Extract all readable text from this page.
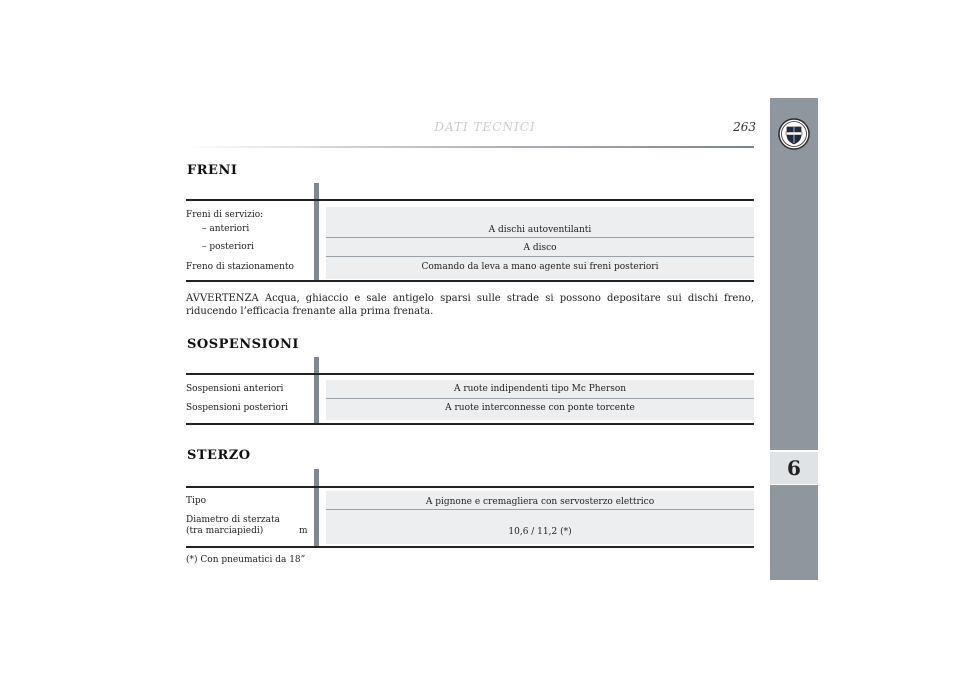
DATI TECNICI	263
6
FRENI
Freni di servizio:
– anteriori	A dischi autoventilanti
– posteriori	A disco
Freno di stazionamento	Comando da leva a mano agente sui freni posteriori
AVVERTENZA Acqua, ghiaccio e sale antigelo sparsi sulle strade si possono depositare sui dischi freno, riducendo l’efficacia frenante alla prima frenata.
SOSPENSIONI
Sospensioni anteriori	A ruote indipendenti tipo Mc Pherson
Sospensioni posteriori	A ruote interconnesse con ponte torcente
STERZO
Tipo	A pignone e cremagliera con servosterzo elettrico
Diametro di sterzata
(tra marciapiedi)	m	10,6 / 11,2 (*)
(*) Con pneumatici da 18”
